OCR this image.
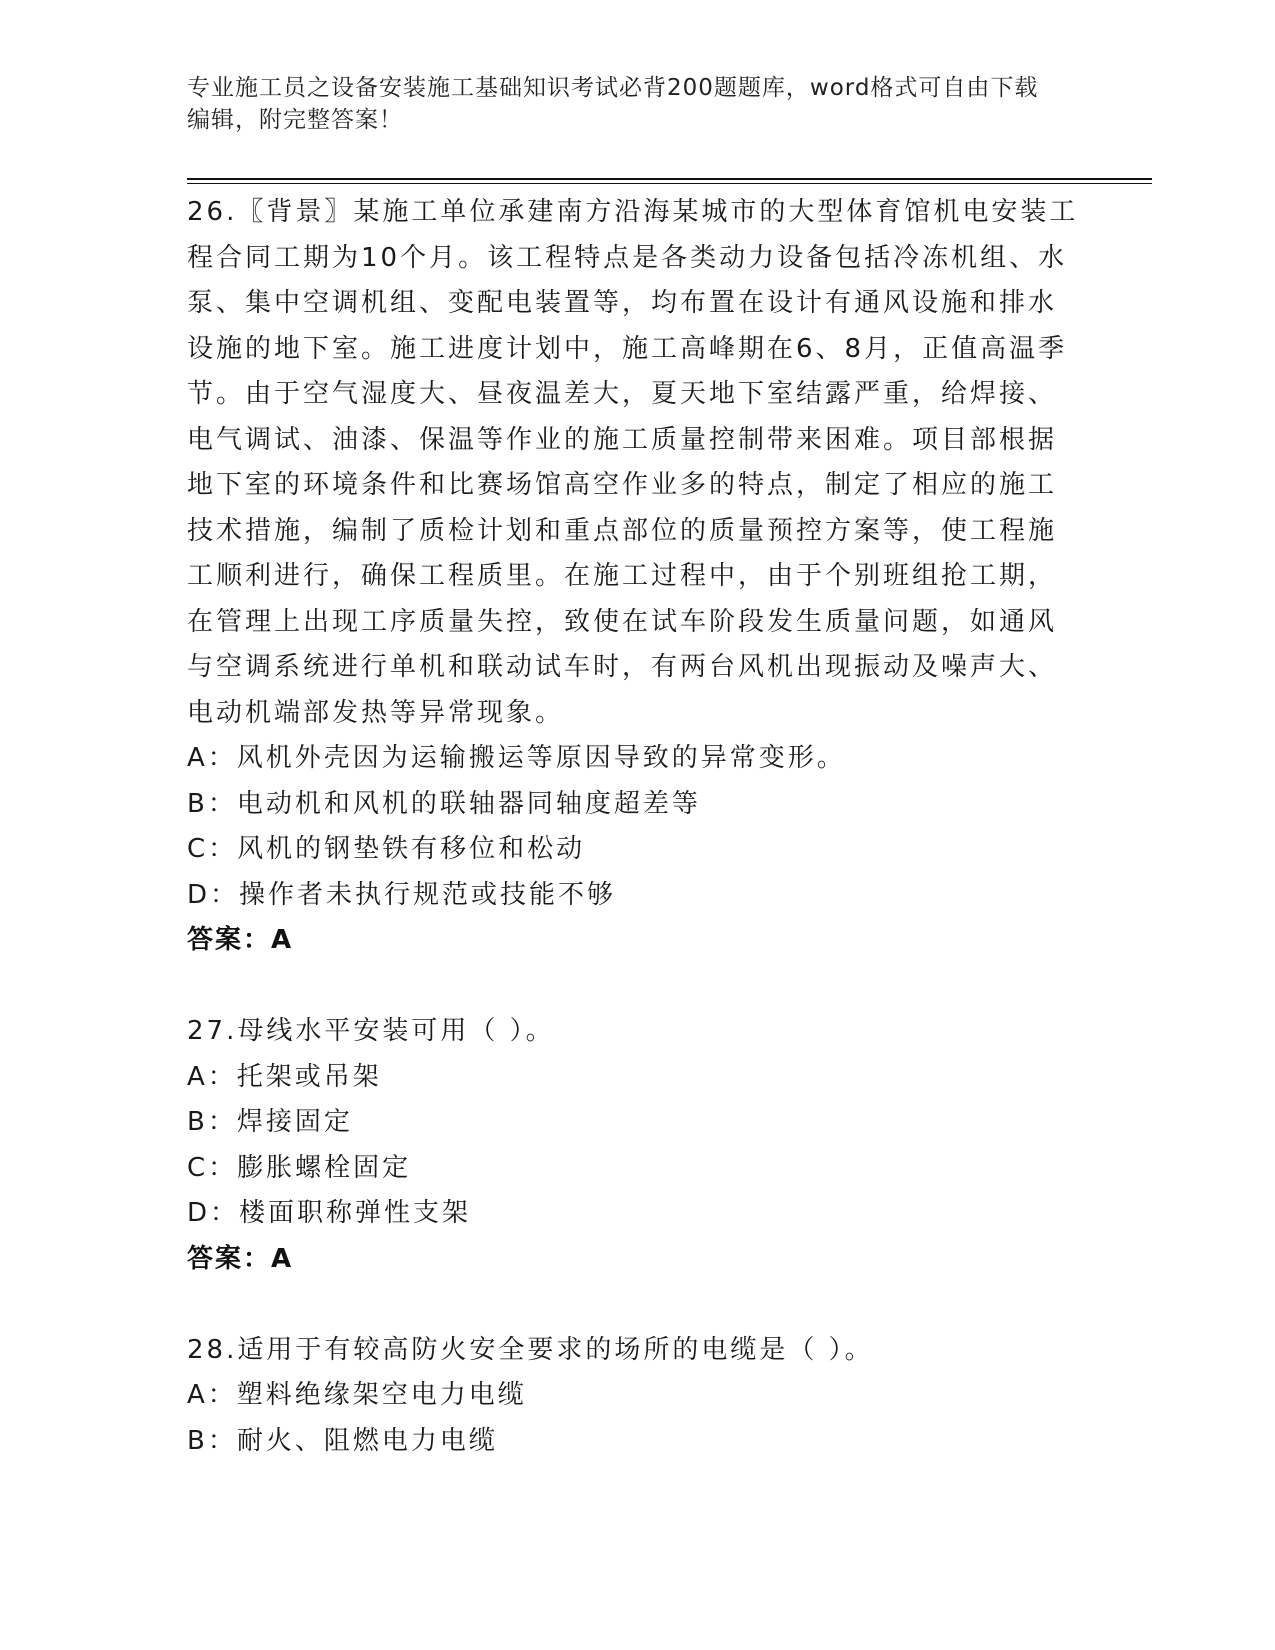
专业施工员之设备安装施工基础知识考试必背200题题库，word格式可自由下载
编辑，附完整答案！

26.〖背景〗某施工单位承建南方沿海某城市的大型体育馆机电安装工程合同工期为10个月。该工程特点是各类动力设备包括冷冻机组、水泵、集中空调机组、变配电装置等，均布置在设计有通风设施和排水设施的地下室。施工进度计划中，施工高峰期在6、8月，正值高温季节。由于空气湿度大、昼夜温差大，夏天地下室结露严重，给焊接、电气调试、油漆、保温等作业的施工质量控制带来困难。项目部根据地下室的环境条件和比赛场馆高空作业多的特点，制定了相应的施工技术措施，编制了质检计划和重点部位的质量预控方案等，使工程施工顺利进行，确保工程质里。在施工过程中，由于个别班组抢工期，在管理上出现工序质量失控，致使在试车阶段发生质量问题，如通风与空调系统进行单机和联动试车时，有两台风机出现振动及噪声大、电动机端部发热等异常现象。

A：风机外壳因为运输搬运等原因导致的异常变形。

B：电动机和风机的联轴器同轴度超差等

C：风机的钢垫铁有移位和松动

D：操作者未执行规范或技能不够

答案：A

27.母线水平安装可用（ ）。

A：托架或吊架

B：焊接固定

C：膨胀螺栓固定

D：楼面职称弹性支架

答案：A

28.适用于有较高防火安全要求的场所的电缆是（ ）。

A：塑料绝缘架空电力电缆

B：耐火、阻燃电力电缆
